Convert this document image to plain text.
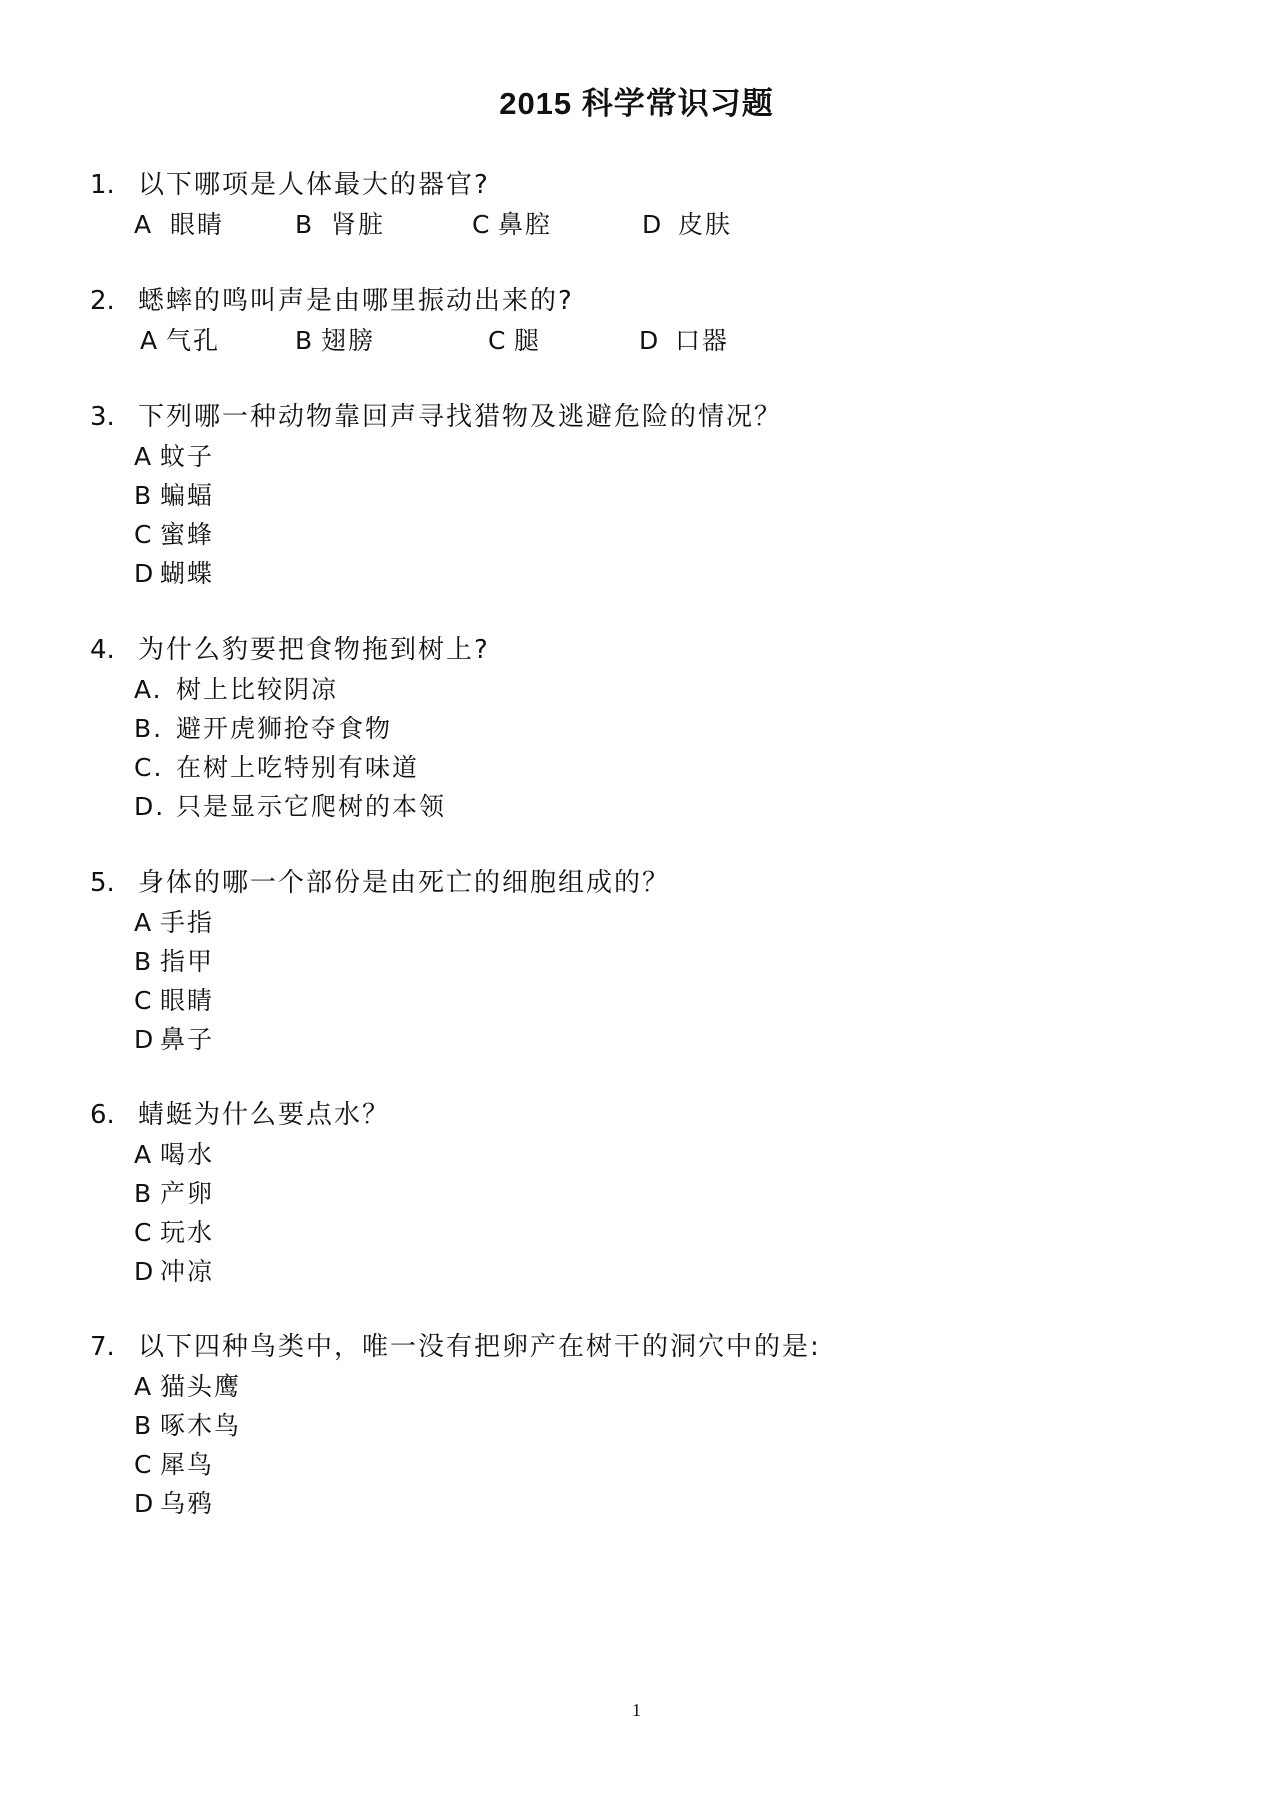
2015 科学常识习题
1. 以下哪项是人体最大的器官?
A 眼睛	B 肾脏	C 鼻腔	D 皮肤
2. 蟋蟀的鸣叫声是由哪里振动出来的?
A 气孔	B 翅膀	C 腿	D 口器
3. 下列哪一种动物靠回声寻找猎物及逃避危险的情况？
A 蚊子
B 蝙蝠
C 蜜蜂
D 蝴蝶
4. 为什么豹要把食物拖到树上?
A. 树上比较阴凉
B. 避开虎狮抢夺食物
C. 在树上吃特别有味道
D. 只是显示它爬树的本领
5. 身体的哪一个部份是由死亡的细胞组成的？
A 手指
B 指甲
C 眼睛
D 鼻子
6. 蜻蜓为什么要点水？
A 喝水
B 产卵
C 玩水
D 冲凉
7. 以下四种鸟类中，唯一没有把卵产在树干的洞穴中的是:
A 猫头鹰
B 啄木鸟
C 犀鸟
D 乌鸦
1
